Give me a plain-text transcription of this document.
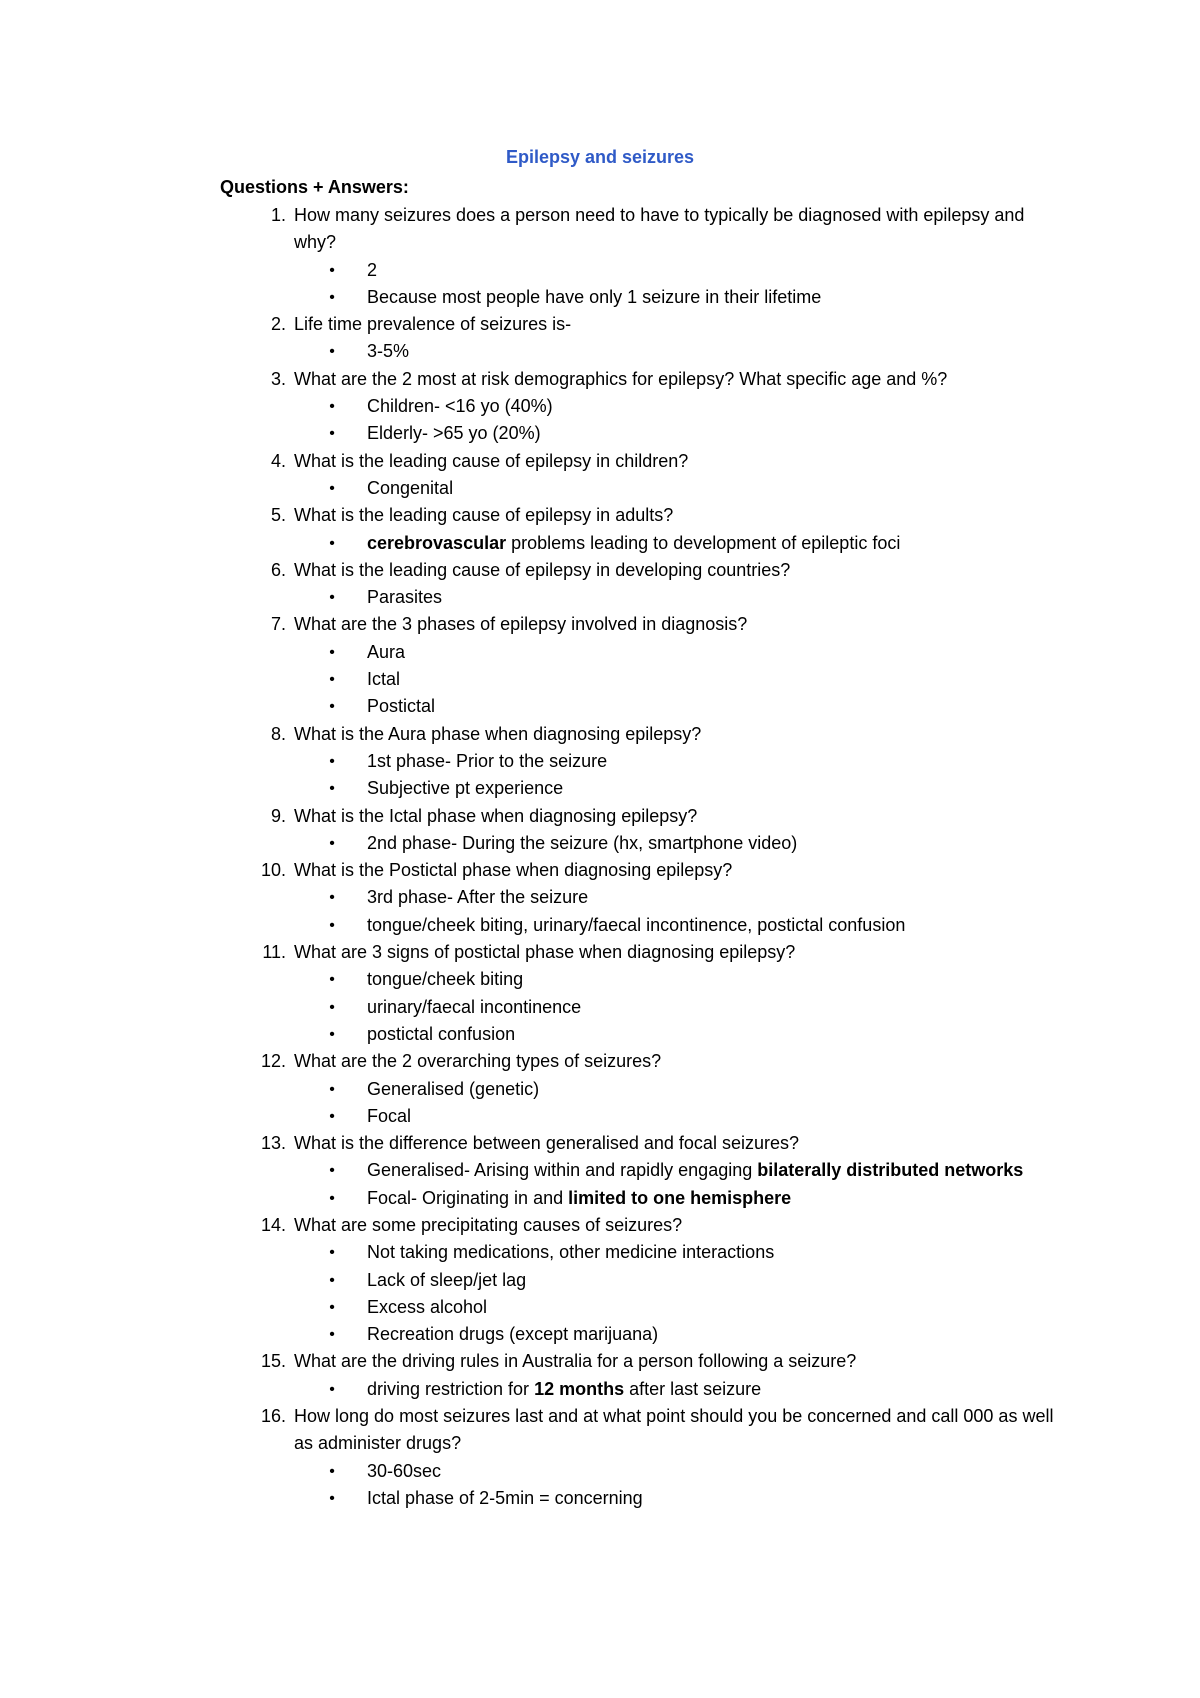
Epilepsy and seizures
Questions + Answers:
1. How many seizures does a person need to have to typically be diagnosed with epilepsy and why?
• 2
• Because most people have only 1 seizure in their lifetime
2. Life time prevalence of seizures is-
• 3-5%
3. What are the 2 most at risk demographics for epilepsy? What specific age and %?
• Children- <16 yo (40%)
• Elderly- >65 yo (20%)
4. What is the leading cause of epilepsy in children?
• Congenital
5. What is the leading cause of epilepsy in adults?
• cerebrovascular problems leading to development of epileptic foci
6. What is the leading cause of epilepsy in developing countries?
• Parasites
7. What are the 3 phases of epilepsy involved in diagnosis?
• Aura
• Ictal
• Postictal
8. What is the Aura phase when diagnosing epilepsy?
• 1st phase- Prior to the seizure
• Subjective pt experience
9. What is the Ictal phase when diagnosing epilepsy?
• 2nd phase- During the seizure (hx, smartphone video)
10. What is the Postictal phase when diagnosing epilepsy?
• 3rd phase- After the seizure
• tongue/cheek biting, urinary/faecal incontinence, postictal confusion
11. What are 3 signs of postictal phase when diagnosing epilepsy?
• tongue/cheek biting
• urinary/faecal incontinence
• postictal confusion
12. What are the 2 overarching types of seizures?
• Generalised (genetic)
• Focal
13. What is the difference between generalised and focal seizures?
• Generalised- Arising within and rapidly engaging bilaterally distributed networks
• Focal- Originating in and limited to one hemisphere
14. What are some precipitating causes of seizures?
• Not taking medications, other medicine interactions
• Lack of sleep/jet lag
• Excess alcohol
• Recreation drugs (except marijuana)
15. What are the driving rules in Australia for a person following a seizure?
• driving restriction for 12 months after last seizure
16. How long do most seizures last and at what point should you be concerned and call 000 as well as administer drugs?
• 30-60sec
• Ictal phase of 2-5min = concerning
